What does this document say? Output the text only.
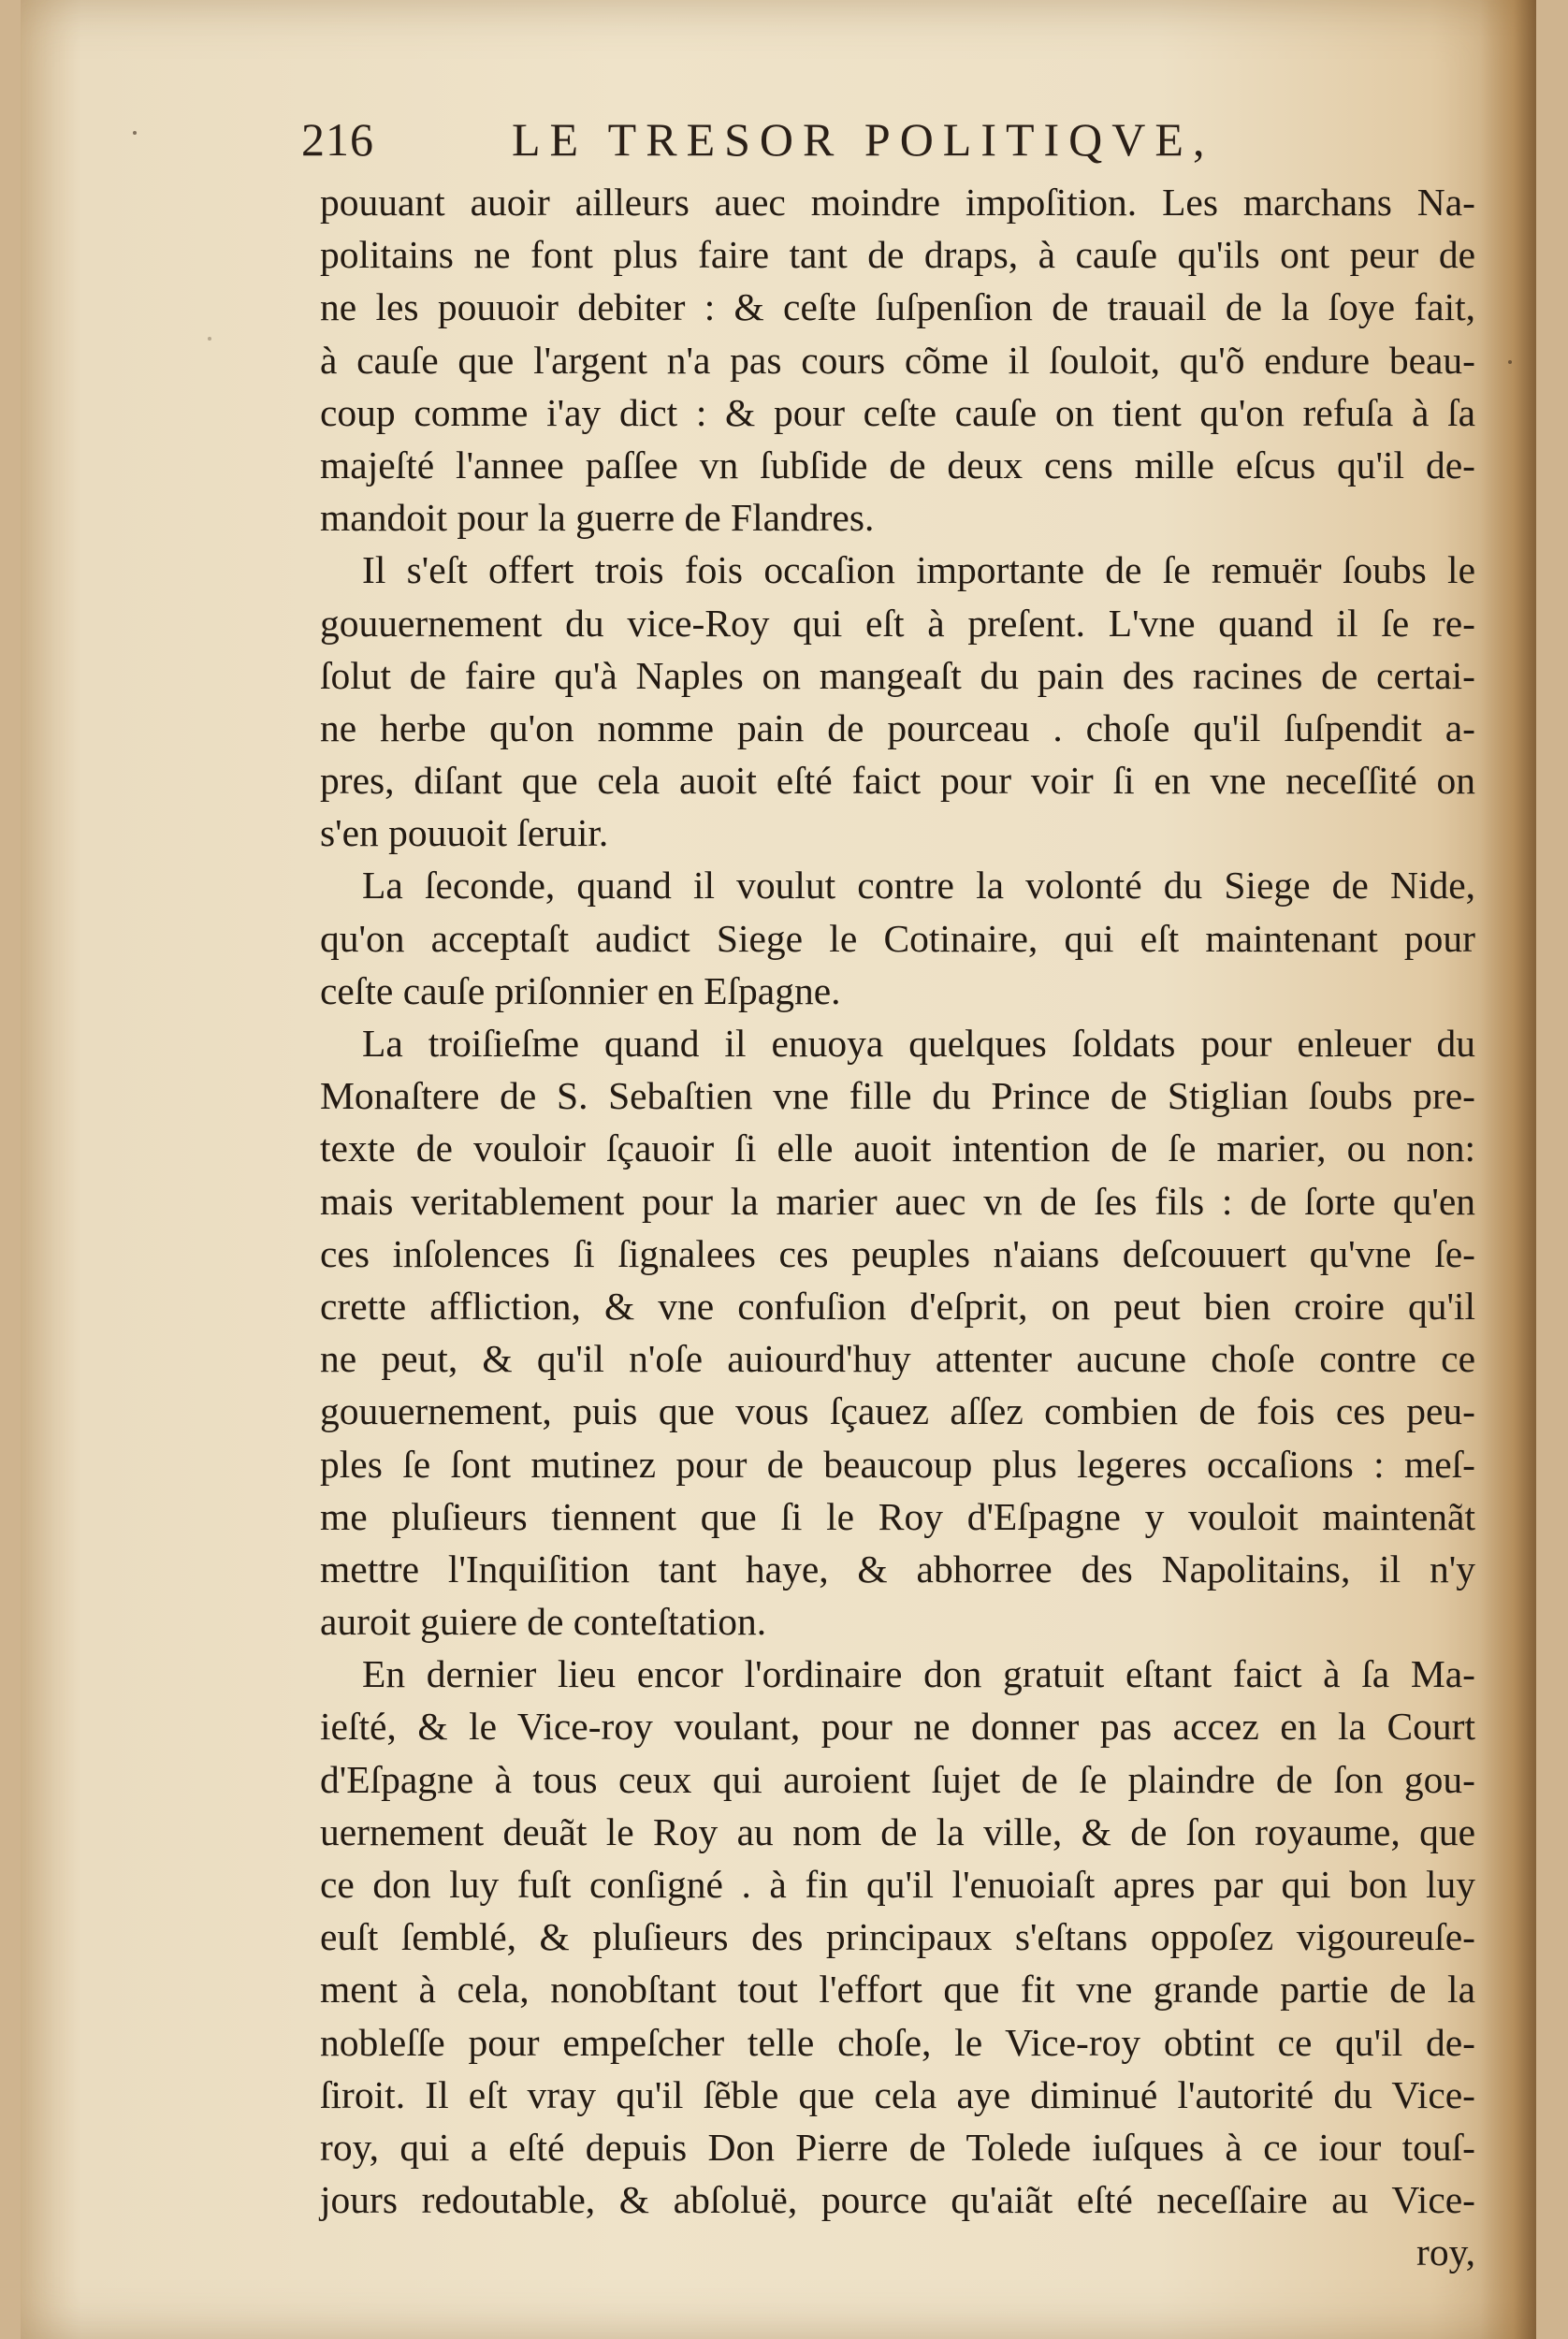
216	LE TRESOR POLITIQVE,
pouuant auoir ailleurs auec moindre impoſition. Les marchans Na-
politains ne font plus faire tant de draps, à cauſe qu'ils ont peur de
ne les pouuoir debiter : & ceſte ſuſpenſion de trauail de la ſoye fait,
à cauſe que l'argent n'a pas cours cõme il ſouloit, qu'õ endure beau-
coup comme i'ay dict : & pour ceſte cauſe on tient qu'on refuſa à ſa
majeſté l'annee paſſee vn ſubſide de deux cens mille eſcus qu'il de-
mandoit pour la guerre de Flandres.
Il s'eſt offert trois fois occaſion importante de ſe remuër ſoubs le
gouuernement du vice-Roy qui eſt à preſent. L'vne quand il ſe re-
ſolut de faire qu'à Naples on mangeaſt du pain des racines de certai-
ne herbe qu'on nomme pain de pourceau . choſe qu'il ſuſpendit a-
pres, diſant que cela auoit eſté faict pour voir ſi en vne neceſſité on
s'en pouuoit ſeruir.
La ſeconde, quand il voulut contre la volonté du Siege de Nide,
qu'on acceptaſt audict Siege le Cotinaire, qui eſt maintenant pour
ceſte cauſe priſonnier en Eſpagne.
La troiſieſme quand il enuoya quelques ſoldats pour enleuer du
Monaſtere de S. Sebaſtien vne fille du Prince de Stiglian ſoubs pre-
texte de vouloir ſçauoir ſi elle auoit intention de ſe marier, ou non:
mais veritablement pour la marier auec vn de ſes fils : de ſorte qu'en
ces inſolences ſi ſignalees ces peuples n'aians deſcouuert qu'vne ſe-
crette affliction, & vne confuſion d'eſprit, on peut bien croire qu'il
ne peut, & qu'il n'oſe auiourd'huy attenter aucune choſe contre ce
gouuernement, puis que vous ſçauez aſſez combien de fois ces peu-
ples ſe ſont mutinez pour de beaucoup plus legeres occaſions : meſ-
me pluſieurs tiennent que ſi le Roy d'Eſpagne y vouloit maintenãt
mettre l'Inquiſition tant haye, & abhorree des Napolitains, il n'y
auroit guiere de conteſtation.
En dernier lieu encor l'ordinaire don gratuit eſtant faict à ſa Ma-
ieſté, & le Vice-roy voulant, pour ne donner pas accez en la Court
d'Eſpagne à tous ceux qui auroient ſujet de ſe plaindre de ſon gou-
uernement deuãt le Roy au nom de la ville, & de ſon royaume, que
ce don luy fuſt conſigné . à fin qu'il l'enuoiaſt apres par qui bon luy
euſt ſemblé, & pluſieurs des principaux s'eſtans oppoſez vigoureuſe-
ment à cela, nonobſtant tout l'effort que fit vne grande partie de la
nobleſſe pour empeſcher telle choſe, le Vice-roy obtint ce qu'il de-
ſiroit. Il eſt vray qu'il ſẽble que cela aye diminué l'autorité du Vice-
roy, qui a eſté depuis Don Pierre de Tolede iuſques à ce iour touſ-
jours redoutable, & abſoluë, pource qu'aiãt eſté neceſſaire au Vice-
roy,
